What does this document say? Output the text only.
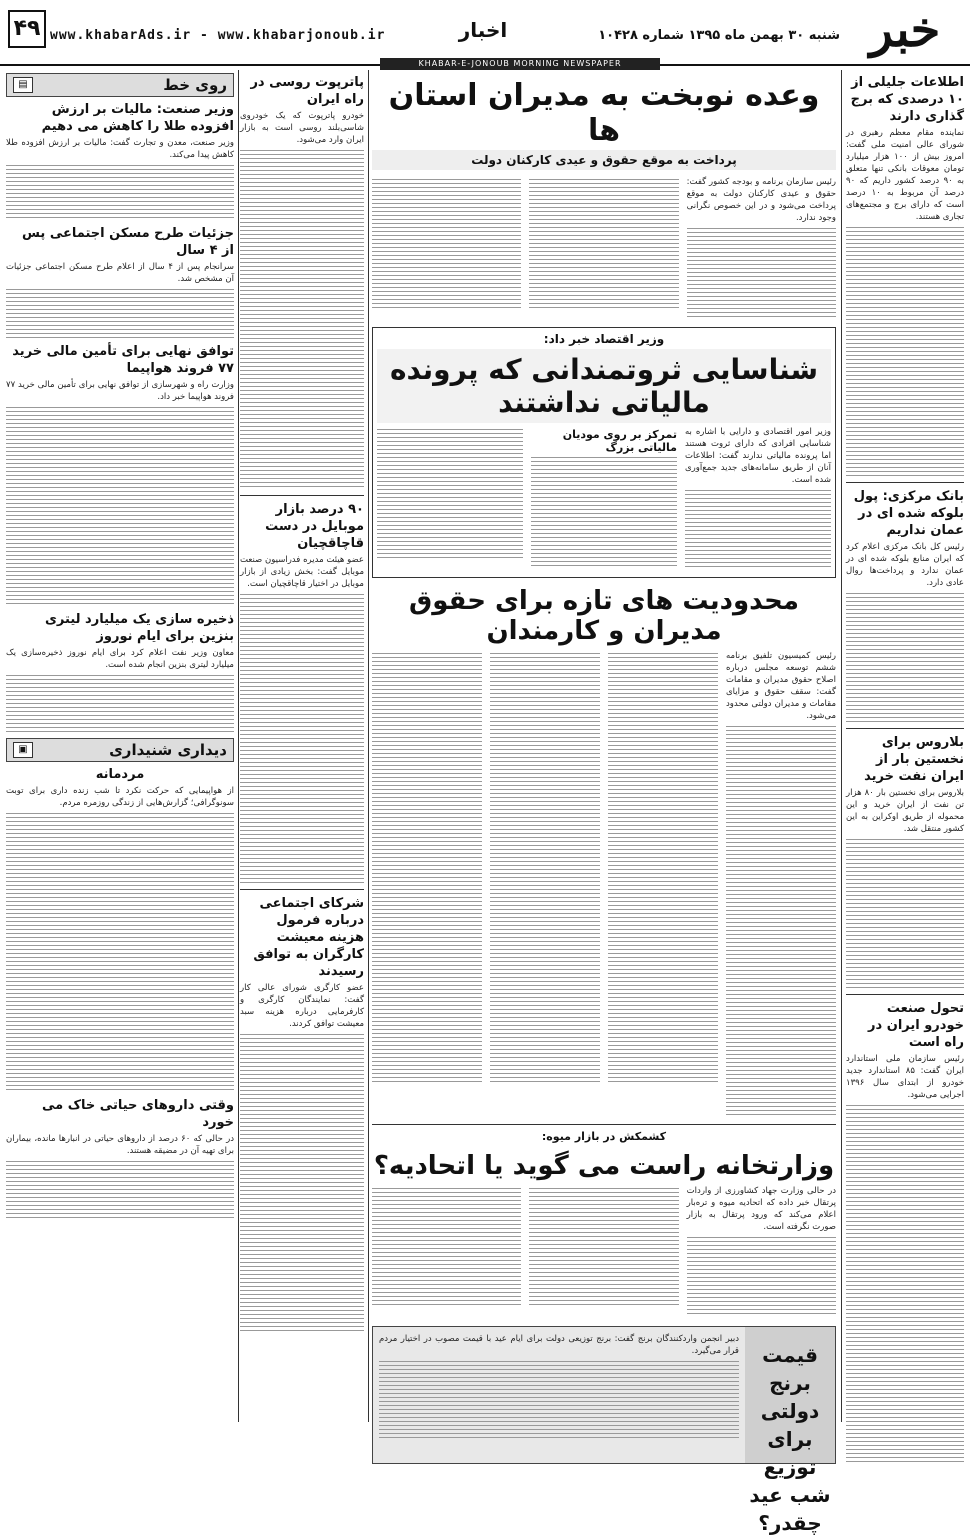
۴۹ www.khabarAds.ir - www.khabarjonoub.ir	اخبار	شنبه ۳۰ بهمن ماه ۱۳۹۵ شماره ۱۰۴۲۸ خبر
KHABAR-E-JONOUB MORNING NEWSPAPER
اطلاعات جلیلی از ۱۰ درصدی که برج گذاری دارند

نماینده مقام معظم رهبری در شورای عالی امنیت ملی گفت: امروز بیش از ۱۰۰ هزار میلیارد تومان معوقات بانکی تنها متعلق به ۹۰ درصد کشور داریم که ۹۰ درصد آن مربوط به ۱۰ درصد است که دارای برج و مجتمع‌های تجاری هستند.

بانک مرکزی: پول بلوکه شده ای در عمان نداریم

رئیس کل بانک مرکزی اعلام کرد که ایران منابع بلوکه شده ای در عمان ندارد و پرداخت‌ها روال عادی دارد.

بلاروس برای نخستین بار از ایران نفت خرید

بلاروس برای نخستین بار ۸۰ هزار تن نفت از ایران خرید و این محموله از طریق اوکراین به این کشور منتقل شد.

تحول صنعت خودرو ایران در راه است

رئیس سازمان ملی استاندارد ایران گفت: ۸۵ استاندارد جدید خودرو از ابتدای سال ۱۳۹۶ اجرایی می‌شود.

وعده نوبخت به مدیران استان ها
پرداخت به موقع حقوق و عیدی کارکنان دولت

رئیس سازمان برنامه و بودجه کشور گفت: حقوق و عیدی کارکنان دولت به موقع پرداخت می‌شود و در این خصوص نگرانی وجود ندارد.

وزیر اقتصاد خبر داد:
شناسایی ثروتمندانی که پرونده مالیاتی نداشتند

وزیر امور اقتصادی و دارایی با اشاره به شناسایی افرادی که دارای ثروت هستند اما پرونده مالیاتی ندارند گفت: اطلاعات آنان از طریق سامانه‌های جدید جمع‌آوری شده است.

تمرکز بر روی مودیان مالیاتی بزرگ
محدودیت های تازه برای حقوق مدیران و کارمندان

رئیس کمیسیون تلفیق برنامه ششم توسعه مجلس درباره اصلاح حقوق مدیران و مقامات گفت: سقف حقوق و مزایای مقامات و مدیران دولتی محدود می‌شود.

کشمکش در بازار میوه:
وزارتخانه راست می گوید یا اتحادیه؟

در حالی وزارت جهاد کشاورزی از واردات پرتقال خبر داده که اتحادیه میوه و تره‌بار اعلام می‌کند که ورود پرتقال به بازار صورت نگرفته است.

قیمت برنج دولتی برای توزیع شب عید چقدر؟

دبیر انجمن واردکنندگان برنج گفت: برنج توزیعی دولت برای ایام عید با قیمت مصوب در اختیار مردم قرار می‌گیرد.

پاترپوت روسی در راه ایران

خودرو پاترپوت که یک خودروی شاسی‌بلند روسی است به بازار ایران وارد می‌شود.

۹۰ درصد بازار موبایل در دست قاچاقچیان

عضو هیئت مدیره فدراسیون صنعت موبایل گفت: بخش زیادی از بازار موبایل در اختیار قاچاقچیان است.

شرکای اجتماعی درباره فرمول هزینه معیشت کارگران به توافق رسیدند

عضو کارگری شورای عالی کار گفت: نمایندگان کارگری و کارفرمایی درباره هزینه سبد معیشت توافق کردند.

روی خط
▤
وزیر صنعت: مالیات بر ارزش افزوده طلا را کاهش می دهیم

وزیر صنعت، معدن و تجارت گفت: مالیات بر ارزش افزوده طلا کاهش پیدا می‌کند.

جزئیات طرح مسکن اجتماعی پس از ۴ سال

سرانجام پس از ۴ سال از اعلام طرح مسکن اجتماعی جزئیات آن مشخص شد.

توافق نهایی برای تأمین مالی خرید ۷۷ فروند هواپیما

وزارت راه و شهرسازی از توافق نهایی برای تأمین مالی خرید ۷۷ فروند هواپیما خبر داد.

ذخیره سازی یک میلیارد لیتری بنزین برای ایام نوروز

معاون وزیر نفت اعلام کرد برای ایام نوروز ذخیره‌سازی یک میلیارد لیتری بنزین انجام شده است.

دیداری شنیداری
▣
مردمانه

از هواپیمایی که حرکت نکرد تا شب زنده داری برای توبت سونوگرافی؛ گزارش‌هایی از زندگی روزمره مردم.

وقتی داروهای حیاتی خاک می خورد

در حالی که ۶۰ درصد از داروهای حیاتی در انبارها مانده، بیماران برای تهیه آن در مضیقه هستند.
